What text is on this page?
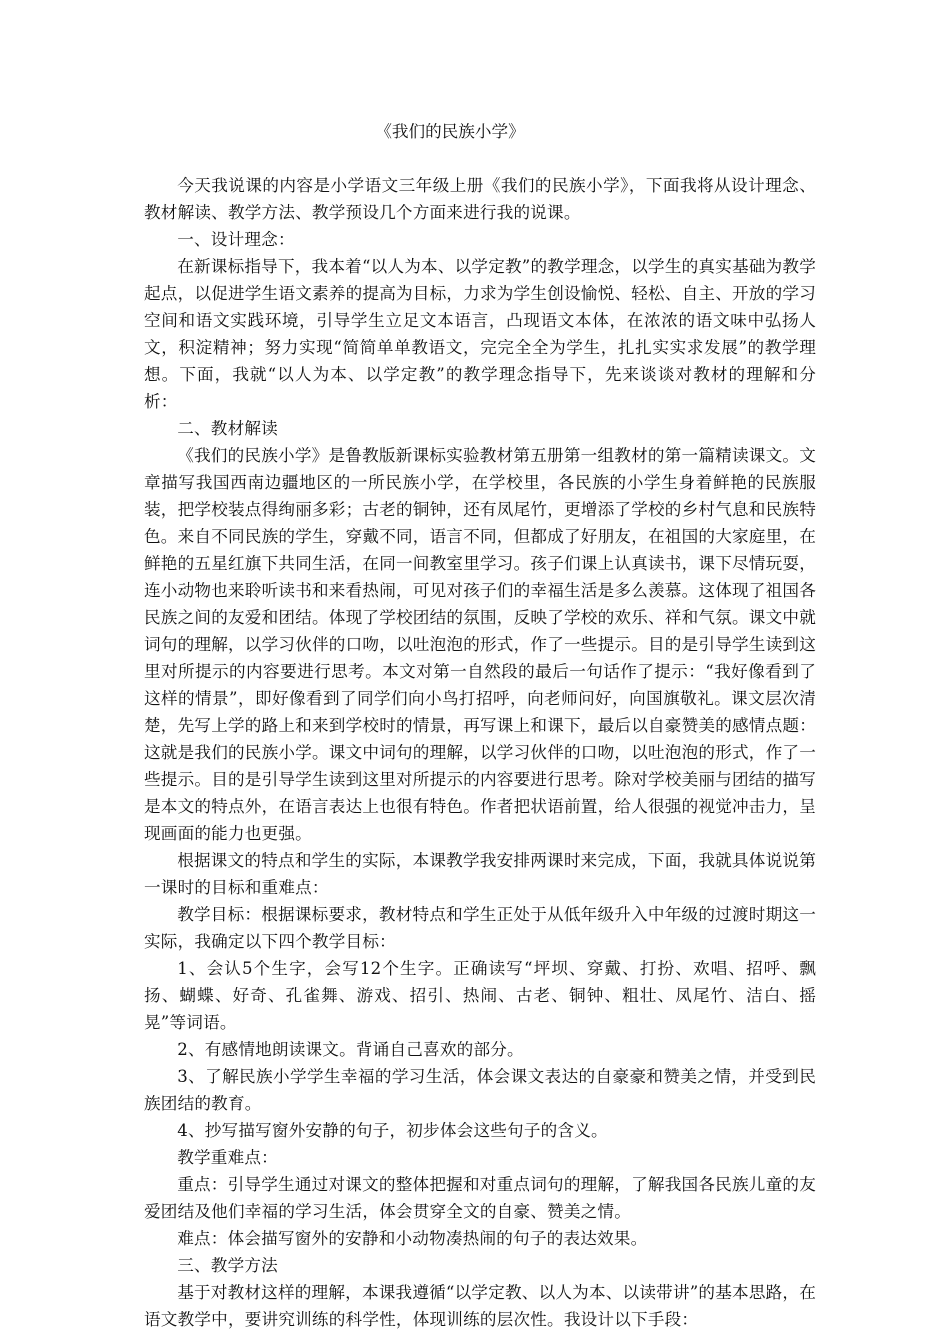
《我们的民族小学》

今天我说课的内容是小学语文三年级上册《我们的民族小学》，下面我将从设计理念、教材解读、教学方法、教学预设几个方面来进行我的说课。

一、设计理念：

在新课标指导下，我本着“以人为本、以学定教”的教学理念，以学生的真实基础为教学起点，以促进学生语文素养的提高为目标，力求为学生创设愉悦、轻松、自主、开放的学习空间和语文实践环境，引导学生立足文本语言，凸现语文本体，在浓浓的语文味中弘扬人文，积淀精神；努力实现“简简单单教语文，完完全全为学生，扎扎实实求发展”的教学理想。下面，我就“以人为本、以学定教”的教学理念指导下，先来谈谈对教材的理解和分析：

二、教材解读

《我们的民族小学》是鲁教版新课标实验教材第五册第一组教材的第一篇精读课文。文章描写我国西南边疆地区的一所民族小学，在学校里，各民族的小学生身着鲜艳的民族服装，把学校装点得绚丽多彩；古老的铜钟，还有凤尾竹，更增添了学校的乡村气息和民族特色。来自不同民族的学生，穿戴不同，语言不同，但都成了好朋友，在祖国的大家庭里，在鲜艳的五星红旗下共同生活，在同一间教室里学习。孩子们课上认真读书，课下尽情玩耍，连小动物也来聆听读书和来看热闹，可见对孩子们的幸福生活是多么羡慕。这体现了祖国各民族之间的友爱和团结。体现了学校团结的氛围，反映了学校的欢乐、祥和气氛。课文中就词句的理解，以学习伙伴的口吻，以吐泡泡的形式，作了一些提示。目的是引导学生读到这里对所提示的内容要进行思考。本文对第一自然段的最后一句话作了提示：“我好像看到了这样的情景”，即好像看到了同学们向小鸟打招呼，向老师问好，向国旗敬礼。课文层次清楚，先写上学的路上和来到学校时的情景，再写课上和课下，最后以自豪赞美的感情点题：这就是我们的民族小学。课文中词句的理解，以学习伙伴的口吻，以吐泡泡的形式，作了一些提示。目的是引导学生读到这里对所提示的内容要进行思考。除对学校美丽与团结的描写是本文的特点外，在语言表达上也很有特色。作者把状语前置，给人很强的视觉冲击力，呈现画面的能力也更强。

根据课文的特点和学生的实际，本课教学我安排两课时来完成，下面，我就具体说说第一课时的目标和重难点：

教学目标：根据课标要求，教材特点和学生正处于从低年级升入中年级的过渡时期这一实际，我确定以下四个教学目标：

1、会认5个生字，会写12个生字。正确读写“坪坝、穿戴、打扮、欢唱、招呼、飘扬、蝴蝶、好奇、孔雀舞、游戏、招引、热闹、古老、铜钟、粗壮、凤尾竹、洁白、摇晃”等词语。

2、有感情地朗读课文。背诵自己喜欢的部分。

3、了解民族小学学生幸福的学习生活，体会课文表达的自豪豪和赞美之情，并受到民族团结的教育。

4、抄写描写窗外安静的句子，初步体会这些句子的含义。

教学重难点：

重点：引导学生通过对课文的整体把握和对重点词句的理解，了解我国各民族儿童的友爱团结及他们幸福的学习生活，体会贯穿全文的自豪、赞美之情。

难点：体会描写窗外的安静和小动物凑热闹的句子的表达效果。

三、教学方法

基于对教材这样的理解，本课我遵循“以学定教、以人为本、以读带讲”的基本思路，在语文教学中，要讲究训练的科学性，体现训练的层次性。我设计以下手段：
